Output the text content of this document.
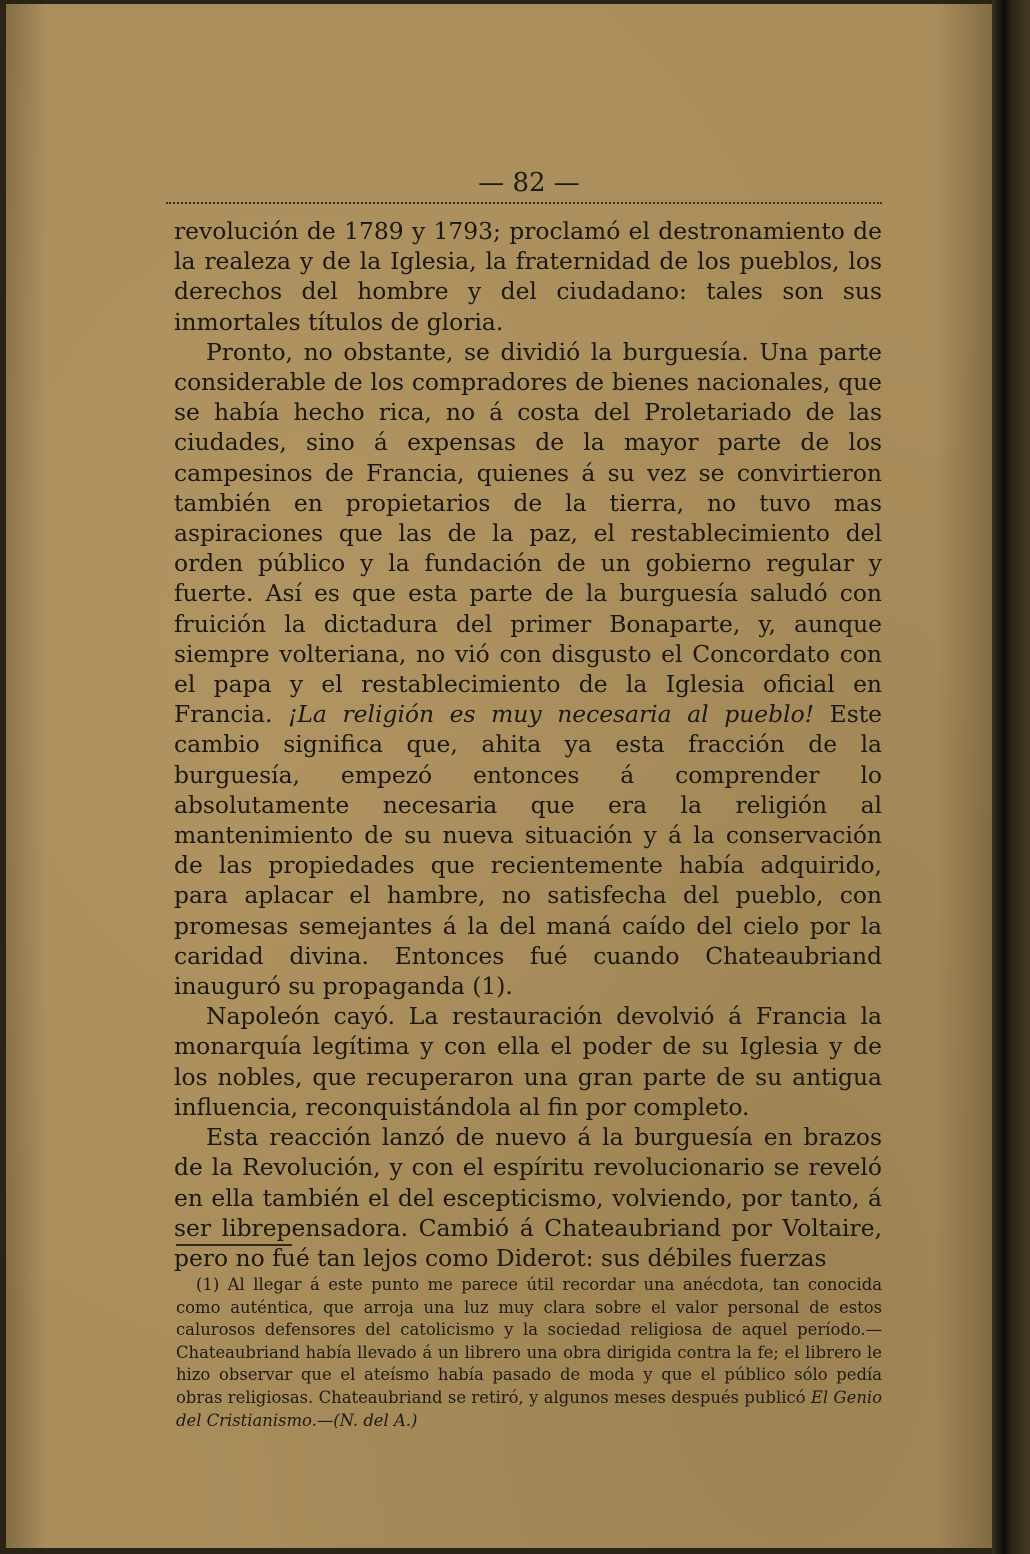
— 82 —

revolución de 1789 y 1793; proclamó el destronamiento de la realeza y de la Iglesia, la fraternidad de los pueblos, los derechos del hombre y del ciudadano: tales son sus inmortales títulos de gloria.

Pronto, no obstante, se dividió la burguesía. Una parte considerable de los compradores de bienes nacionales, que se había hecho rica, no á costa del Proletariado de las ciudades, sino á expensas de la mayor parte de los campesinos de Francia, quienes á su vez se convirtieron también en propietarios de la tierra, no tuvo mas aspiraciones que las de la paz, el restablecimiento del orden público y la fundación de un gobierno regular y fuerte. Así es que esta parte de la burguesía saludó con fruición la dictadura del primer Bonaparte, y, aunque siempre volteriana, no vió con disgusto el Concordato con el papa y el restablecimiento de la Iglesia oficial en Francia. ¡La religión es muy necesaria al pueblo! Este cambio significa que, ahita ya esta fracción de la burguesía, empezó entonces á comprender lo absolutamente necesaria que era la religión al mantenimiento de su nueva situación y á la conservación de las propiedades que recientemente había adquirido, para aplacar el hambre, no satisfecha del pueblo, con promesas semejantes á la del maná caído del cielo por la caridad divina. Entonces fué cuando Chateaubriand inauguró su propaganda (1).

Napoleón cayó. La restauración devolvió á Francia la monarquía legítima y con ella el poder de su Iglesia y de los nobles, que recuperaron una gran parte de su antigua influencia, reconquistándola al fin por completo.

Esta reacción lanzó de nuevo á la burguesía en brazos de la Revolución, y con el espíritu revolucionario se reveló en ella también el del escepticismo, volviendo, por tanto, á ser librepensadora. Cambió á Chateaubriand por Voltaire, pero no fué tan lejos como Diderot: sus débiles fuerzas

(1) Al llegar á este punto me parece útil recordar una anécdota, tan conocida como auténtica, que arroja una luz muy clara sobre el valor personal de estos calurosos defensores del catolicismo y la sociedad religiosa de aquel período.—Chateaubriand había llevado á un librero una obra dirigida contra la fe; el librero le hizo observar que el ateísmo había pasado de moda y que el público sólo pedía obras religiosas. Chateaubriand se retiró, y algunos meses después publicó El Genio del Cristianismo.—(N. del A.)
